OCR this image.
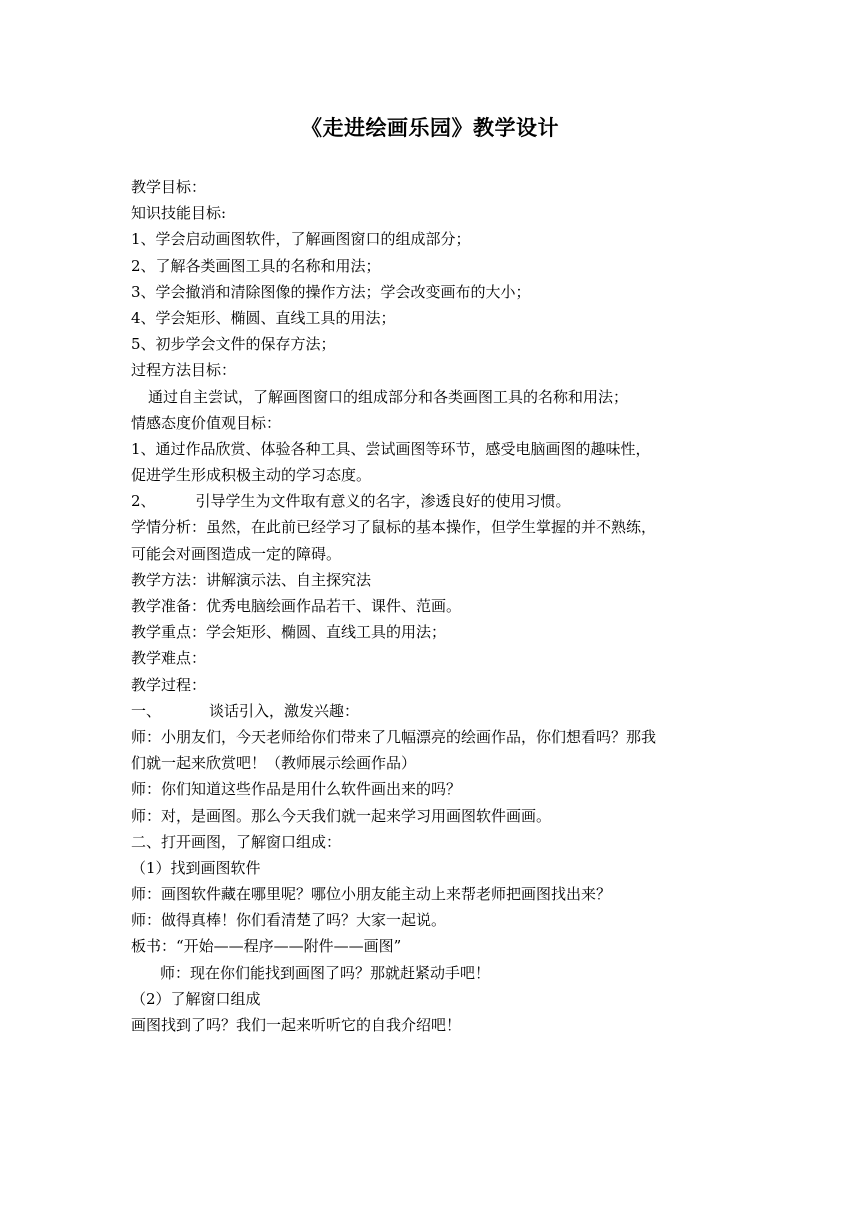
《走进绘画乐园》教学设计
教学目标：
知识技能目标:
1、学会启动画图软件，了解画图窗口的组成部分；
2、了解各类画图工具的名称和用法；
3、学会撤消和清除图像的操作方法；学会改变画布的大小；
4、学会矩形、椭圆、直线工具的用法；
5、初步学会文件的保存方法；
过程方法目标：
通过自主尝试，了解画图窗口的组成部分和各类画图工具的名称和用法；
情感态度价值观目标：
1、通过作品欣赏、体验各种工具、尝试画图等环节，感受电脑画图的趣味性，
促进学生形成积极主动的学习态度。
2、	引导学生为文件取有意义的名字，渗透良好的使用习惯。
学情分析：虽然，在此前已经学习了鼠标的基本操作，但学生掌握的并不熟练，
可能会对画图造成一定的障碍。
教学方法：讲解演示法、自主探究法
教学准备：优秀电脑绘画作品若干、课件、范画。
教学重点：学会矩形、椭圆、直线工具的用法；
教学难点：
教学过程：
一、	谈话引入，激发兴趣：
师：小朋友们，今天老师给你们带来了几幅漂亮的绘画作品，你们想看吗？那我
们就一起来欣赏吧！（教师展示绘画作品）
师：你们知道这些作品是用什么软件画出来的吗？
师：对，是画图。那么今天我们就一起来学习用画图软件画画。
二、打开画图，了解窗口组成：
（1）找到画图软件
师：画图软件藏在哪里呢？哪位小朋友能主动上来帮老师把画图找出来？
师：做得真棒！你们看清楚了吗？大家一起说。
板书：“开始——程序——附件——画图”
师：现在你们能找到画图了吗？那就赶紧动手吧！
（2）了解窗口组成
画图找到了吗？我们一起来听听它的自我介绍吧！
